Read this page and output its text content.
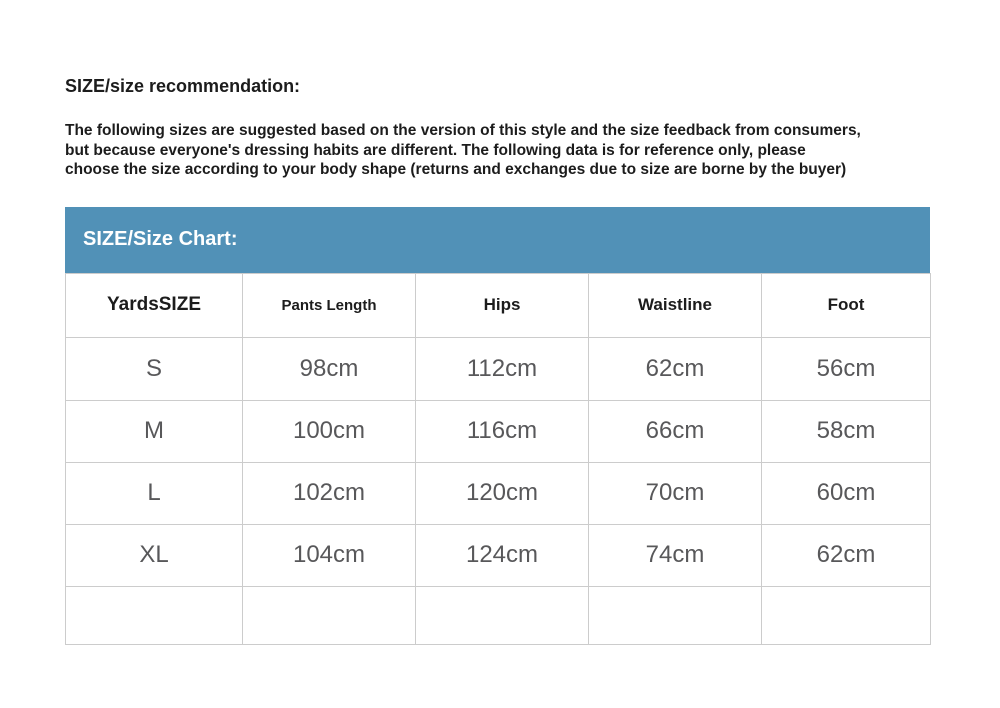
SIZE/size recommendation:
The following sizes are suggested based on the version of this style and the size feedback from consumers,
but because everyone's dressing habits are different. The following data is for reference only, please
choose the size according to your body shape (returns and exchanges due to size are borne by the buyer)
SIZE/Size Chart:
YardsSIZE	Pants Length	Hips	Waistline	Foot
S	98cm	112cm	62cm	56cm
M	100cm	116cm	66cm	58cm
L	102cm	120cm	70cm	60cm
XL	104cm	124cm	74cm	62cm
